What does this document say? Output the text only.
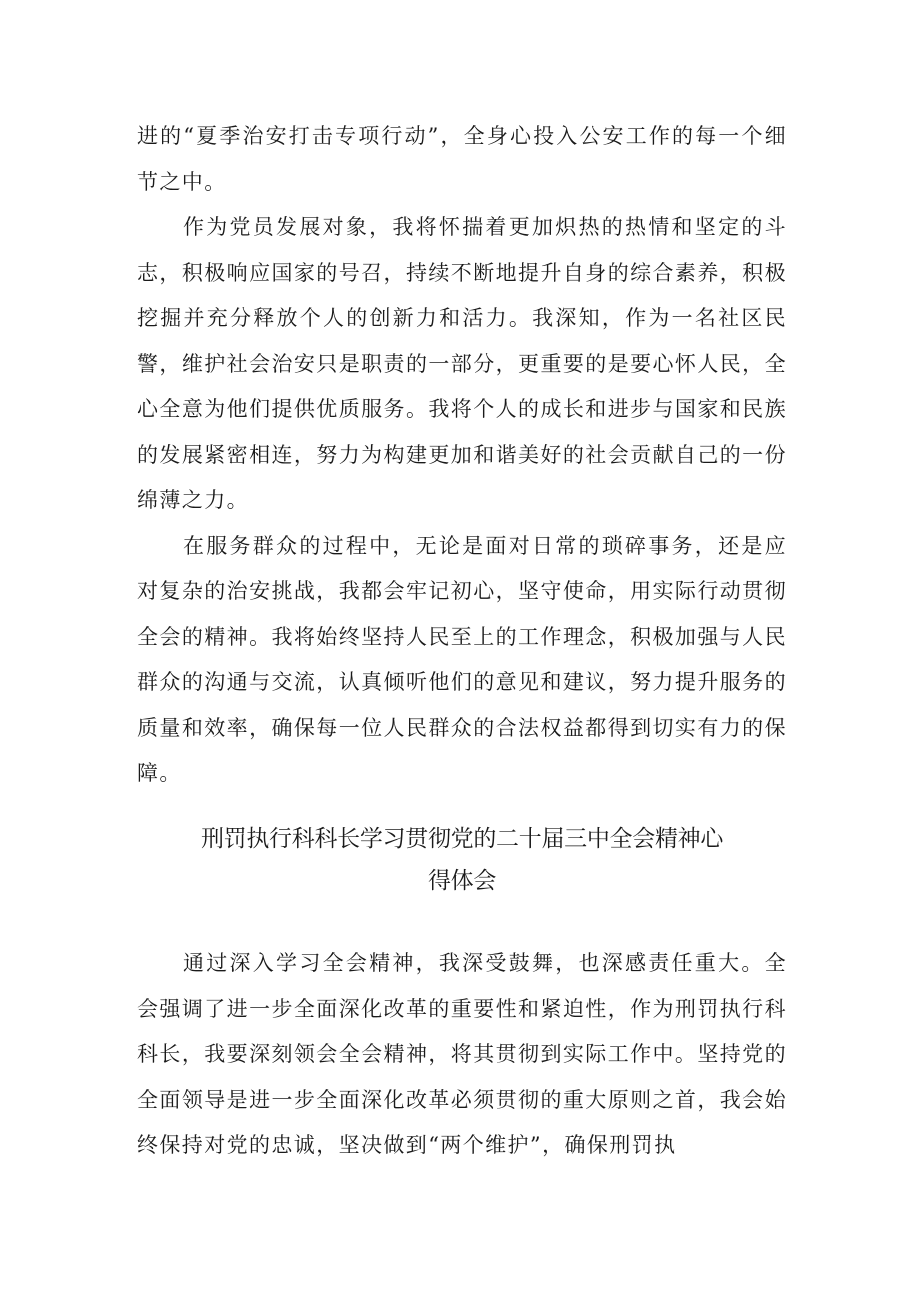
进的“夏季治安打击专项行动”，全身心投入公安工作的每一个细节之中。

作为党员发展对象，我将怀揣着更加炽热的热情和坚定的斗志，积极响应国家的号召，持续不断地提升自身的综合素养，积极挖掘并充分释放个人的创新力和活力。我深知，作为一名社区民警，维护社会治安只是职责的一部分，更重要的是要心怀人民，全心全意为他们提供优质服务。我将个人的成长和进步与国家和民族的发展紧密相连，努力为构建更加和谐美好的社会贡献自己的一份绵薄之力。

在服务群众的过程中，无论是面对日常的琐碎事务，还是应对复杂的治安挑战，我都会牢记初心，坚守使命，用实际行动贯彻全会的精神。我将始终坚持人民至上的工作理念，积极加强与人民群众的沟通与交流，认真倾听他们的意见和建议，努力提升服务的质量和效率，确保每一位人民群众的合法权益都得到切实有力的保障。

刑罚执行科科长学习贯彻党的二十届三中全会精神心
得体会

通过深入学习全会精神，我深受鼓舞，也深感责任重大。全会强调了进一步全面深化改革的重要性和紧迫性，作为刑罚执行科科长，我要深刻领会全会精神，将其贯彻到实际工作中。坚持党的全面领导是进一步全面深化改革必须贯彻的重大原则之首，我会始终保持对党的忠诚，坚决做到“两个维护”，确保刑罚执
